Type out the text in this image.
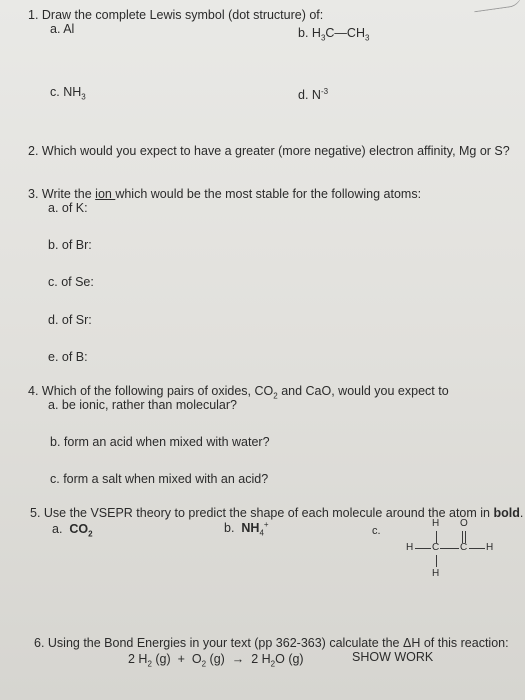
1. Draw the complete Lewis symbol (dot structure) of:
a. Al	b. $H_3C—CH_3$
c. $NH_3$	d. $N^{-3}$
2. Which would you expect to have a greater (more negative) electron affinity, Mg or S?
3. Write the ion which would be the most stable for the following atoms:
a. of K:
b. of Br:
c. of Se:
d. of Sr:
e. of B:
4. Which of the following pairs of oxides, $CO_2$ and CaO, would you expect to
a. be ionic, rather than molecular?
b. form an acid when mixed with water?
c. form a salt when mixed with an acid?
5. Use the VSEPR theory to predict the shape of each molecule around the atom in bold.
a. $CO_2$	b. $NH_4^+$
c.
H O
H C C H
H
6. Using the Bond Energies in your text (pp 362-363) calculate the ΔH of this reaction:
2 $H_2$ $(g) + O_2$ (g) → 2 $H_2O$ (g)	SHOW WORK
